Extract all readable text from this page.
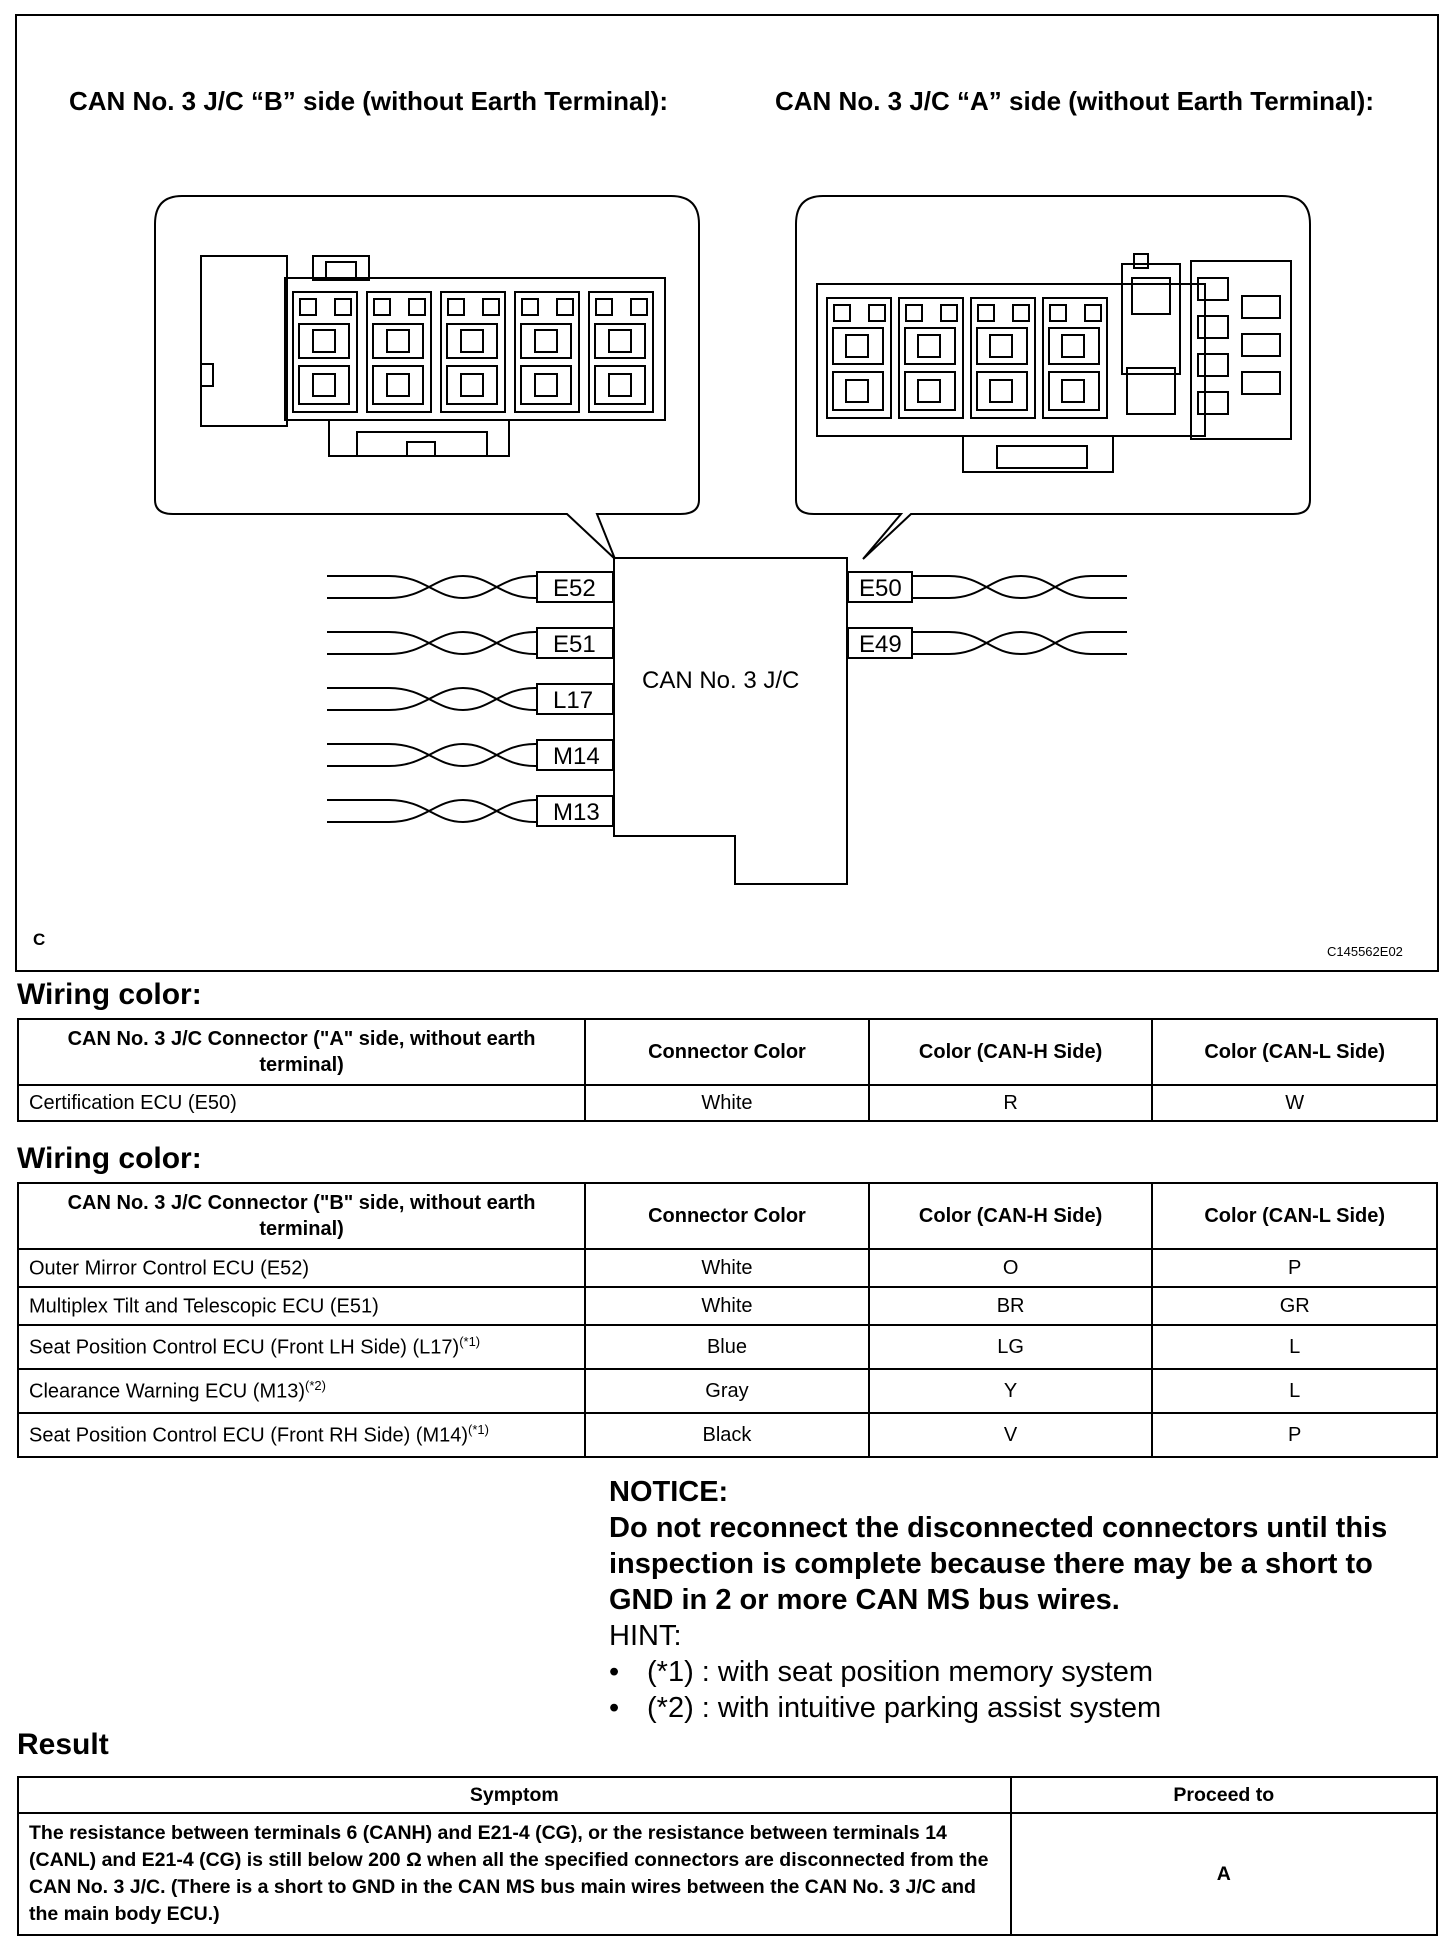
CAN No. 3 J/C “B” side (without Earth Terminal):	CAN No. 3 J/C “A” side (without Earth Terminal):
E52
E51
L17
M14
M13
E50
E49
CAN No. 3 J/C
C
C145562E02
Wiring color:
CAN No. 3 J/C Connector ("A" side, without earth terminal)	Connector Color	Color (CAN-H Side)	Color (CAN-L Side)
Certification ECU (E50)	White	R	W
Wiring color:
CAN No. 3 J/C Connector ("B" side, without earth terminal)	Connector Color	Color (CAN-H Side)	Color (CAN-L Side)
Outer Mirror Control ECU (E52)	White	O	P
Multiplex Tilt and Telescopic ECU (E51)	White	BR	GR
Seat Position Control ECU (Front LH Side) $(L17)^{(*1)}$	Blue	LG	L
Clearance Warning ECU $(M13)^{(*2)}$	Gray	Y	L
Seat Position Control ECU (Front RH Side) $(M14)^{(*1)}$	Black	V	P
NOTICE:
Do not reconnect the disconnected connectors until this inspection is complete because there may be a short to GND in 2 or more CAN MS bus wires.
HINT:
• (*1) : with seat position memory system
• (*2) : with intuitive parking assist system
Result
Symptom	Proceed to
The resistance between terminals 6 (CANH) and E21-4 (CG), or the resistance between terminals 14 (CANL) and E21-4 (CG) is still below 200 Ω when all the specified connectors are disconnected from the CAN No. 3 J/C. (There is a short to GND in the CAN MS bus main wires between the CAN No. 3 J/C and the main body ECU.)	A
